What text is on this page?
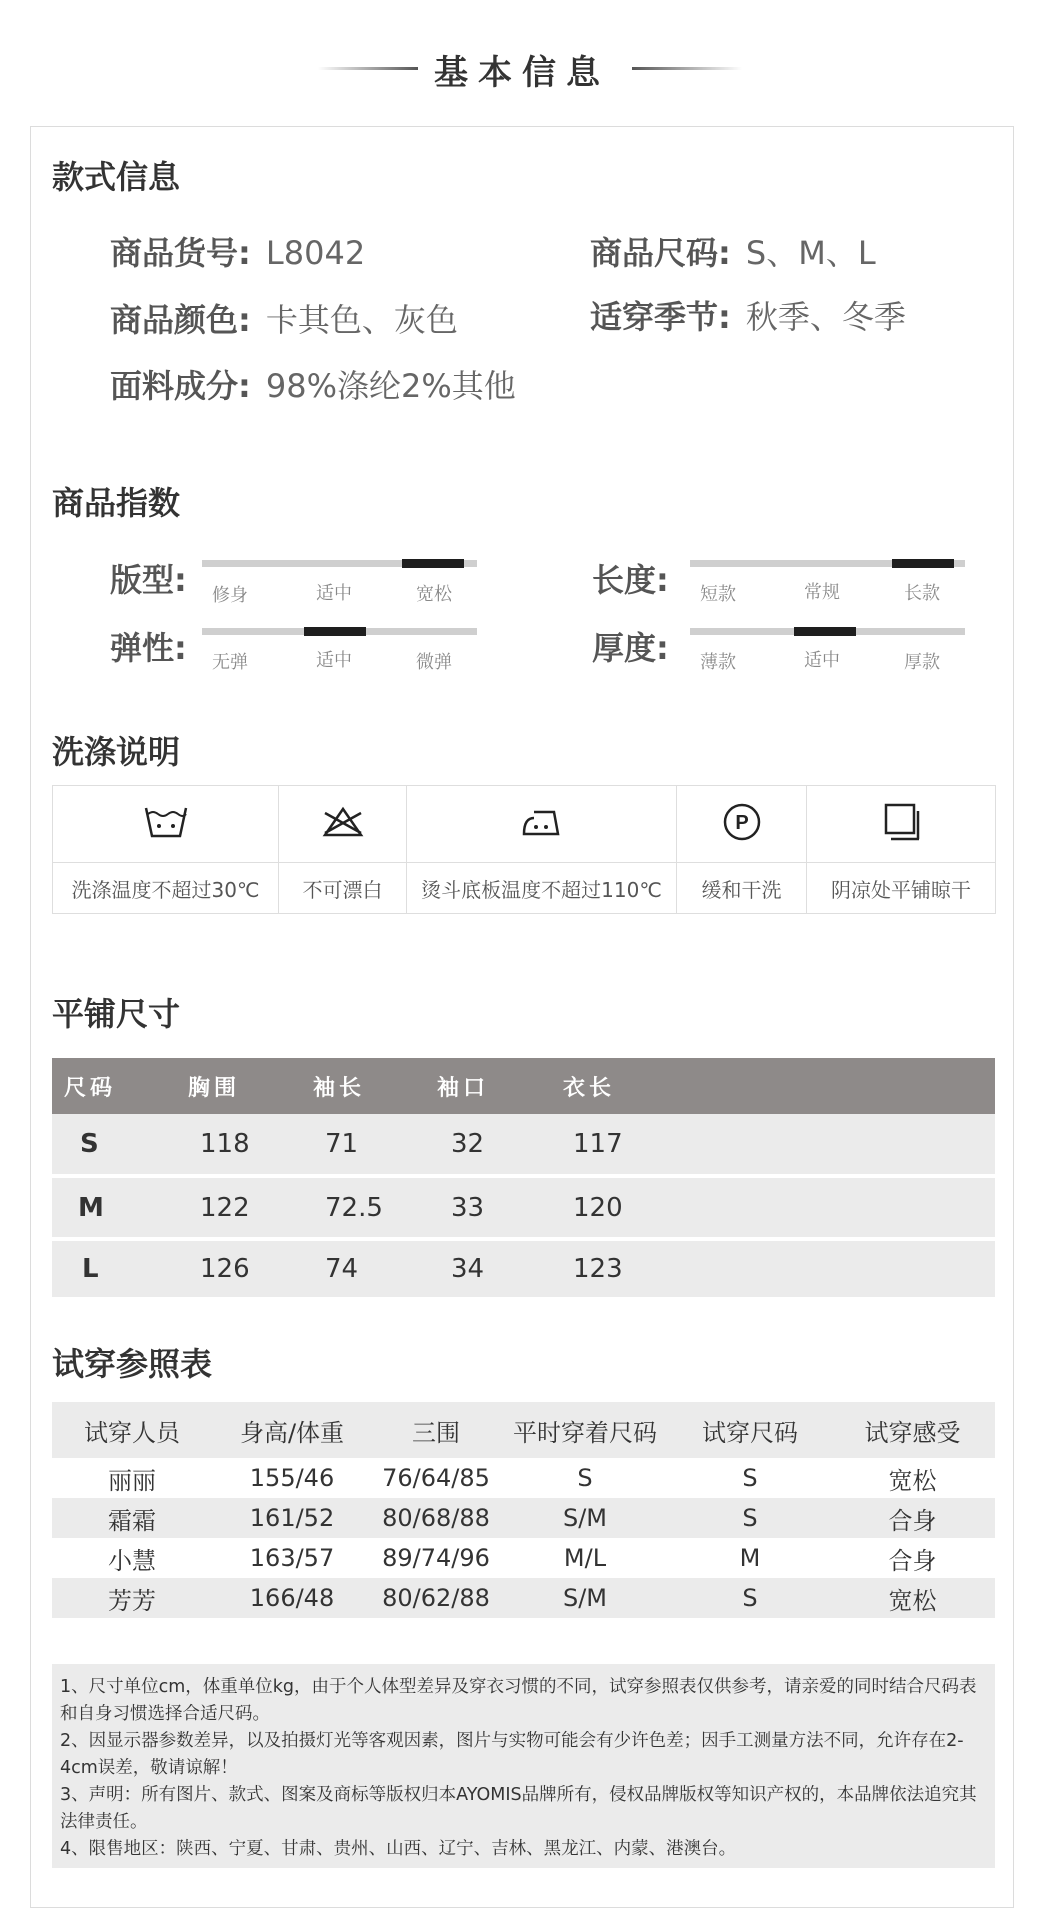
基本信息
款式信息
商品货号: L8042	商品尺码: S、M、L
商品颜色: 卡其色、灰色	适穿季节: 秋季、冬季
面料成分: 98%涤纶2%其他
商品指数
版型: 修身	适中	宽松	长度: 短款	常规	长款
弹性: 无弹	适中	微弹	厚度: 薄款	适中	厚款
洗涤说明

P

洗涤温度不超过30℃	不可漂白	烫斗底板温度不超过110℃	缓和干洗	阴凉处平铺晾干
平铺尺寸
尺码	胸围	袖长	袖口	衣长
S	118	71	32	117
M	122	72.5	33	120
L	126	74	34	123
试穿参照表
试穿人员	身高/体重	三围	平时穿着尺码	试穿尺码	试穿感受
丽丽	155/46	76/64/85	S	S	宽松
霜霜	161/52	80/68/88	S/M	S	合身
小慧	163/57	89/74/96	M/L	M	合身
芳芳	166/48	80/62/88	S/M	S	宽松

1、尺寸单位cm，体重单位kg，由于个人体型差异及穿衣习惯的不同，试穿参照表仅供参考，请亲爱的同时结合尺码表和自身习惯选择合适尺码。

2、因显示器参数差异，以及拍摄灯光等客观因素，图片与实物可能会有少许色差；因手工测量方法不同，允许存在2-4cm误差，敬请谅解！

3、声明：所有图片、款式、图案及商标等版权归本AYOMIS品牌所有，侵权品牌版权等知识产权的，本品牌依法追究其法律责任。

4、限售地区：陕西、宁夏、甘肃、贵州、山西、辽宁、吉林、黑龙江、内蒙、港澳台。
